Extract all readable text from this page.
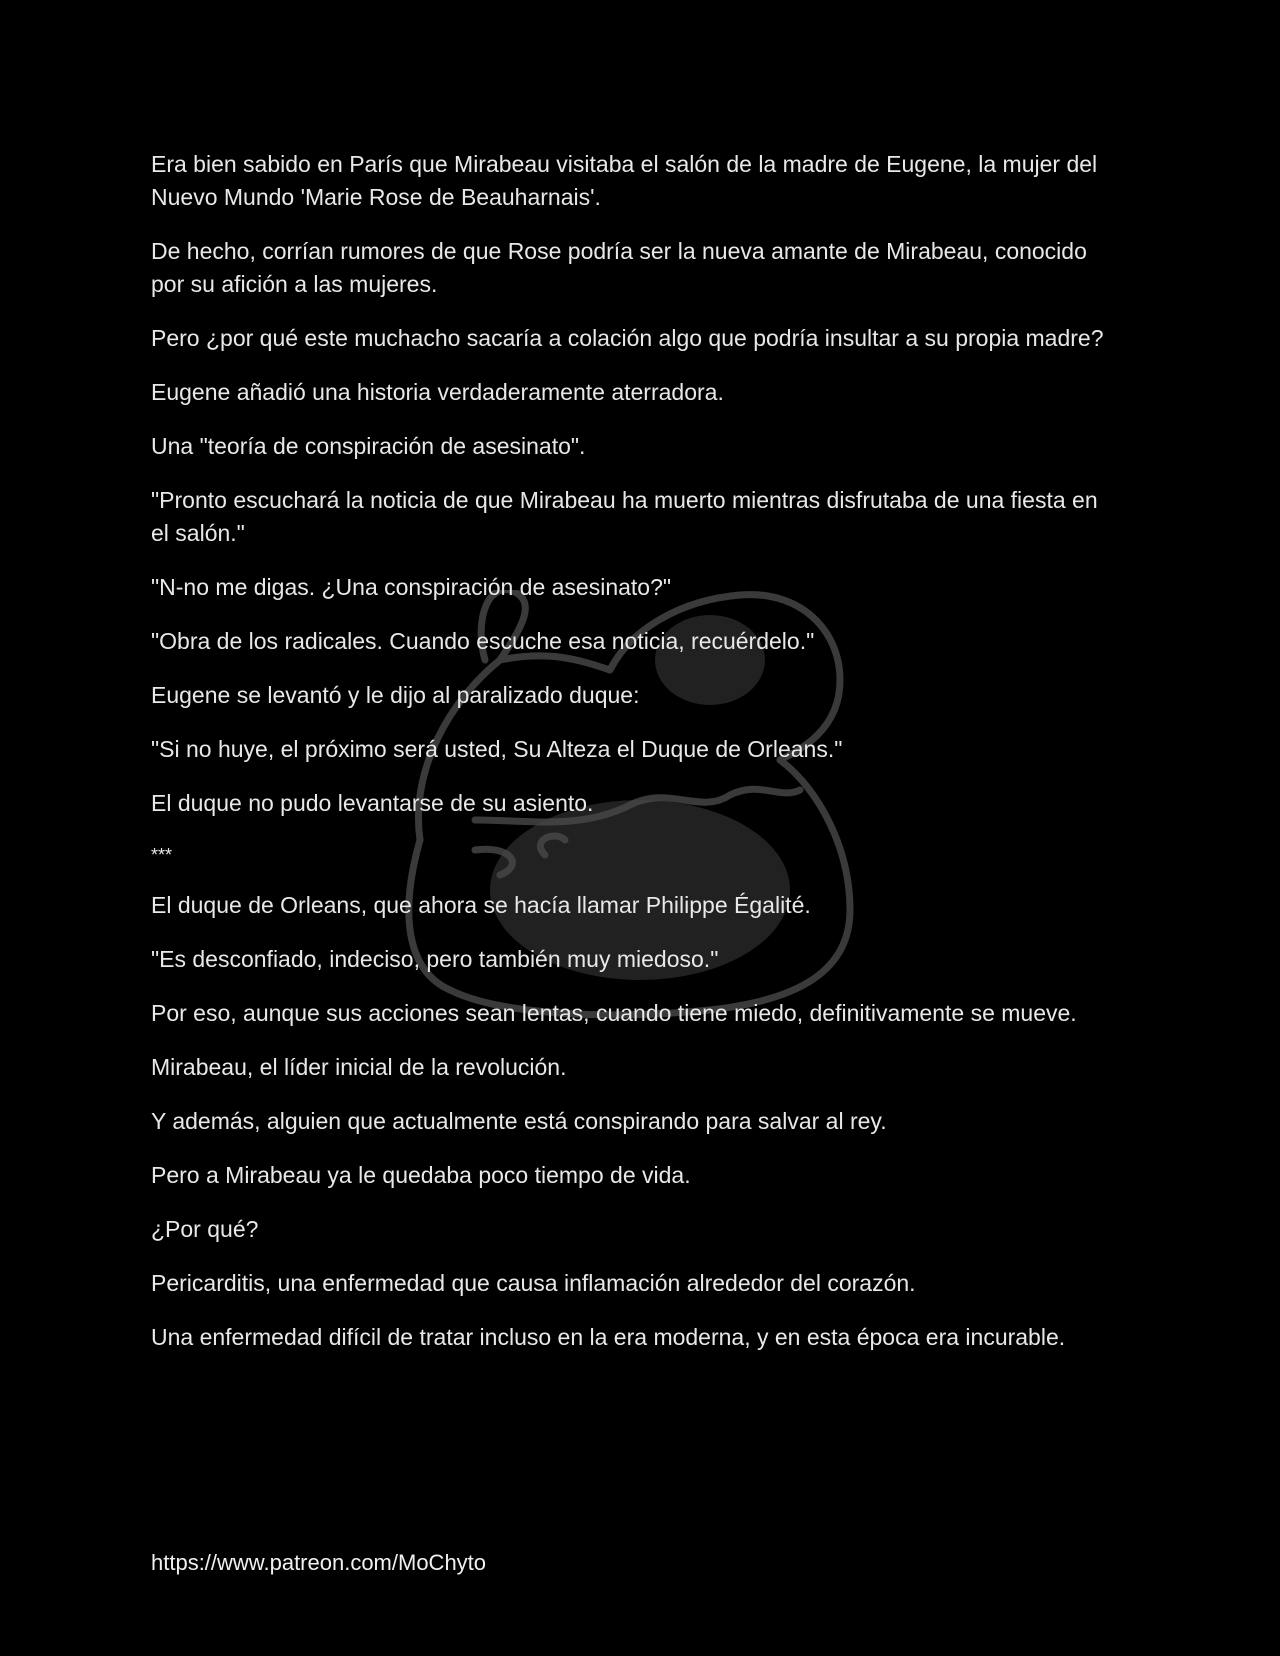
Era bien sabido en París que Mirabeau visitaba el salón de la madre de Eugene, la mujer del Nuevo Mundo 'Marie Rose de Beauharnais'.

De hecho, corrían rumores de que Rose podría ser la nueva amante de Mirabeau, conocido por su afición a las mujeres.

Pero ¿por qué este muchacho sacaría a colación algo que podría insultar a su propia madre?

Eugene añadió una historia verdaderamente aterradora.

Una "teoría de conspiración de asesinato".

"Pronto escuchará la noticia de que Mirabeau ha muerto mientras disfrutaba de una fiesta en el salón."

"N-no me digas. ¿Una conspiración de asesinato?"

"Obra de los radicales. Cuando escuche esa noticia, recuérdelo."

Eugene se levantó y le dijo al paralizado duque:

"Si no huye, el próximo será usted, Su Alteza el Duque de Orleans."

El duque no pudo levantarse de su asiento.

***

El duque de Orleans, que ahora se hacía llamar Philippe Égalité.

"Es desconfiado, indeciso, pero también muy miedoso."

Por eso, aunque sus acciones sean lentas, cuando tiene miedo, definitivamente se mueve.

Mirabeau, el líder inicial de la revolución.

Y además, alguien que actualmente está conspirando para salvar al rey.

Pero a Mirabeau ya le quedaba poco tiempo de vida.

¿Por qué?

Pericarditis, una enfermedad que causa inflamación alrededor del corazón.

Una enfermedad difícil de tratar incluso en la era moderna, y en esta época era incurable.

https://www.patreon.com/MoChyto
